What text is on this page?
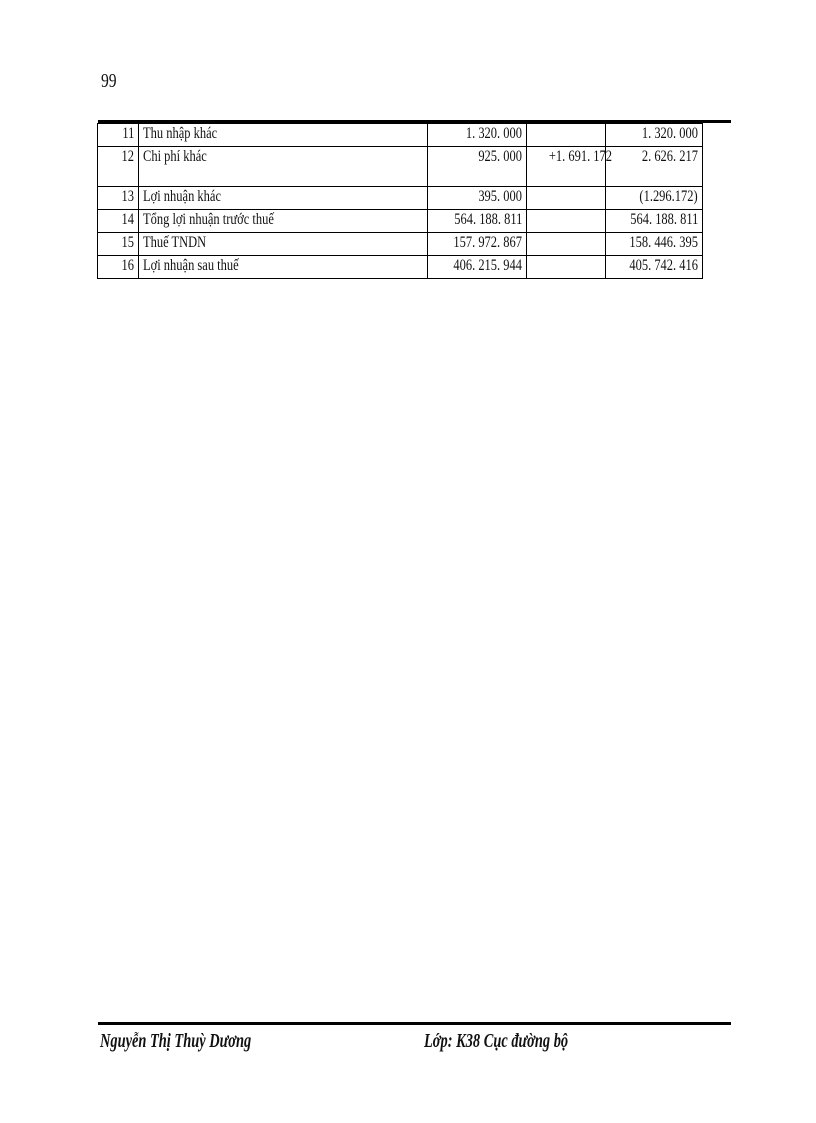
99
11	Thu nhập khác	1. 320. 000		1. 320. 000
12	Chi phí khác	925. 000	+1. 691. 172	2. 626. 217
13	Lợi nhuận khác	395. 000		(1.296.172)
14	Tổng lợi nhuận trước thuế	564. 188. 811		564. 188. 811
15	Thuế TNDN	157. 972. 867		158. 446. 395
16	Lợi nhuận sau thuế	406. 215. 944		405. 742. 416
Nguyễn Thị Thuỳ Dương	Lớp: K38 Cục đường bộ
